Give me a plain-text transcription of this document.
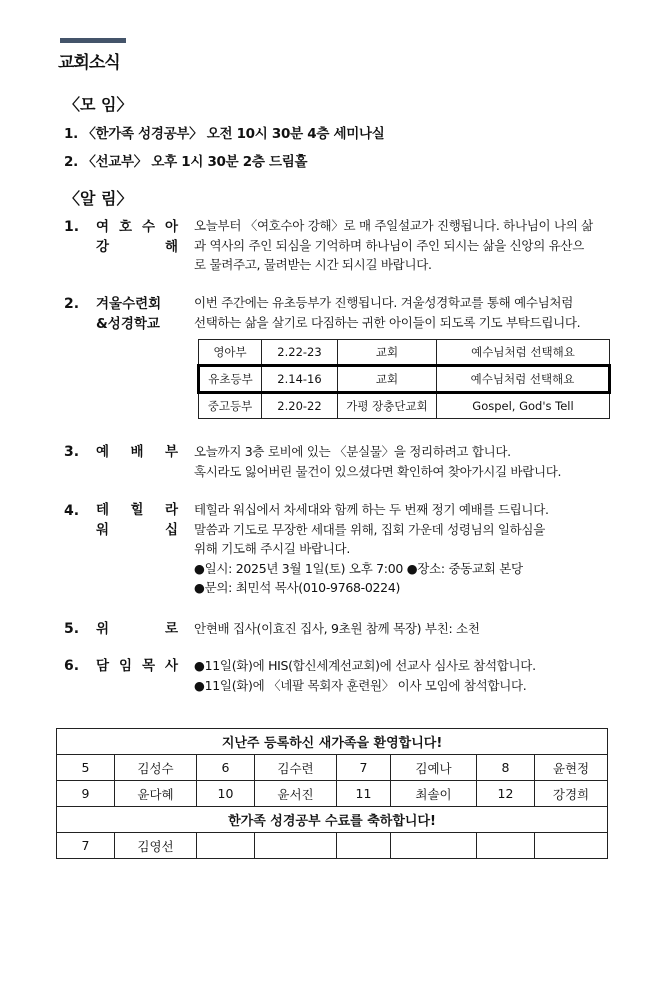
교회소식
〈모 임〉
1. 〈한가족 성경공부〉 오전 10시 30분 4층 세미나실
2. 〈선교부〉 오후 1시 30분 2층 드림홀
〈알 림〉
1. 여 호 수 아
강 해
오늘부터 〈여호수아 강해〉로 매 주일설교가 진행됩니다. 하나님이 나의 삶
과 역사의 주인 되심을 기억하며 하나님이 주인 되시는 삶을 신앙의 유산으
로 물려주고, 물려받는 시간 되시길 바랍니다.
2. 겨울수련회
&성경학교
이번 주간에는 유초등부가 진행됩니다. 겨울성경학교를 통해 예수님처럼
선택하는 삶을 살기로 다짐하는 귀한 아이들이 되도록 기도 부탁드립니다.
영아부	2.22-23	교회	예수님처럼 선택해요
유초등부	2.14-16	교회	예수님처럼 선택해요
중고등부	2.20-22	가평 장충단교회	Gospel, God's Tell
3. 예 배 부 오늘까지 3층 로비에 있는 〈분실물〉을 정리하려고 합니다.
혹시라도 잃어버린 물건이 있으셨다면 확인하여 찾아가시길 바랍니다.
4. 테 힐 라
워 십
테힐라 워십에서 차세대와 함께 하는 두 번째 정기 예배를 드립니다.
말씀과 기도로 무장한 세대를 위해, 집회 가운데 성령님의 일하심을
위해 기도해 주시길 바랍니다.
●일시: 2025년 3월 1일(토) 오후 7:00 ●장소: 중동교회 본당
●문의: 최민석 목사(010-9768-0224)
5. 위 로 안현배 집사(이효진 집사, 9초원 참께 목장) 부친: 소천
6. 담 임 목 사 ●11일(화)에 HIS(합신세계선교회)에 선교사 심사로 참석합니다.
●11일(화)에 〈네팔 목회자 훈련원〉 이사 모임에 참석합니다.
지난주 등록하신 새가족을 환영합니다!							
5	김성수	6	김수련	7	김예나	8	윤현정
9	윤다혜	10	윤서진	11	최솔이	12	강경희
한가족 성경공부 수료를 축하합니다!							
7	김영선						
